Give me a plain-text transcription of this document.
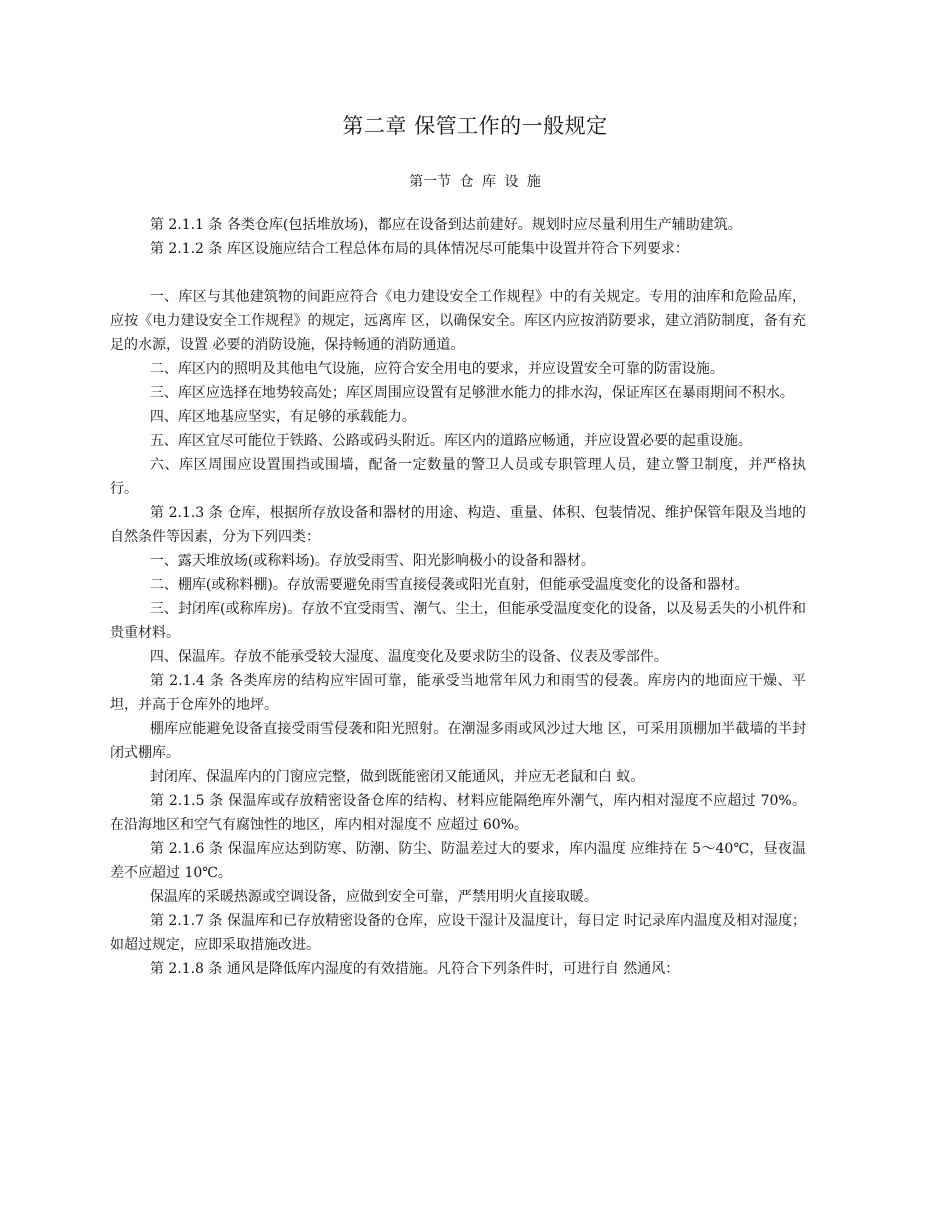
第二章 保管工作的一般规定
第一节 仓 库 设 施

第 2.1.1 条 各类仓库(包括堆放场)，都应在设备到达前建好。规划时应尽量利用生产辅助建筑。

第 2.1.2 条 库区设施应结合工程总体布局的具体情况尽可能集中设置并符合下列要求：

一、库区与其他建筑物的间距应符合《电力建设安全工作规程》中的有关规定。专用的油库和危险品库，应按《电力建设安全工作规程》的规定，远离库 区，以确保安全。库区内应按消防要求，建立消防制度，备有充足的水源，设置 必要的消防设施，保持畅通的消防通道。

二、库区内的照明及其他电气设施，应符合安全用电的要求，并应设置安全可靠的防雷设施。

三、库区应选择在地势较高处；库区周围应设置有足够泄水能力的排水沟，保证库区在暴雨期间不积水。

四、库区地基应坚实，有足够的承载能力。

五、库区宜尽可能位于铁路、公路或码头附近。库区内的道路应畅通，并应设置必要的起重设施。

六、库区周围应设置围挡或围墙，配备一定数量的警卫人员或专职管理人员，建立警卫制度，并严格执行。

第 2.1.3 条 仓库，根据所存放设备和器材的用途、构造、重量、体积、包装情况、维护保管年限及当地的自然条件等因素，分为下列四类：

一、露天堆放场(或称料场)。存放受雨雪、阳光影响极小的设备和器材。

二、棚库(或称料棚)。存放需要避免雨雪直接侵袭或阳光直射，但能承受温度变化的设备和器材。

三、封闭库(或称库房)。存放不宜受雨雪、潮气、尘土，但能承受温度变化的设备，以及易丢失的小机件和贵重材料。

四、保温库。存放不能承受较大湿度、温度变化及要求防尘的设备、仪表及零部件。

第 2.1.4 条 各类库房的结构应牢固可靠，能承受当地常年风力和雨雪的侵袭。库房内的地面应干燥、平坦，并高于仓库外的地坪。

棚库应能避免设备直接受雨雪侵袭和阳光照射。在潮湿多雨或风沙过大地 区，可采用顶棚加半截墙的半封闭式棚库。

封闭库、保温库内的门窗应完整，做到既能密闭又能通风，并应无老鼠和白 蚁。

第 2.1.5 条 保温库或存放精密设备仓库的结构、材料应能隔绝库外潮气，库内相对湿度不应超过 70%。在沿海地区和空气有腐蚀性的地区，库内相对湿度不 应超过 60%。

第 2.1.6 条 保温库应达到防寒、防潮、防尘、防温差过大的要求，库内温度 应维持在 5～40℃，昼夜温差不应超过 10℃。

保温库的采暖热源或空调设备，应做到安全可靠，严禁用明火直接取暖。

第 2.1.7 条 保温库和已存放精密设备的仓库，应设干湿计及温度计，每日定 时记录库内温度及相对湿度；如超过规定，应即采取措施改进。

第 2.1.8 条 通风是降低库内湿度的有效措施。凡符合下列条件时，可进行自 然通风：
